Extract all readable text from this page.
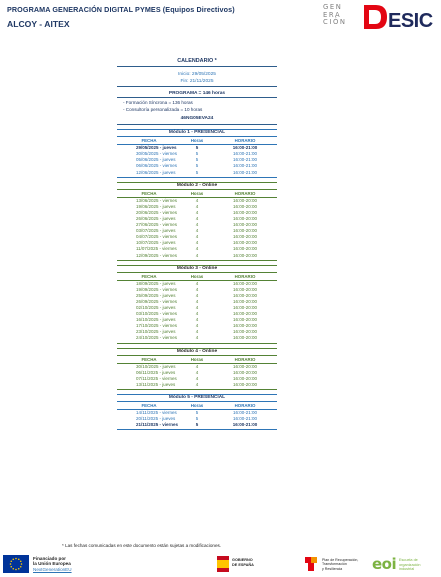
PROGRAMA GENERACIÓN DIGITAL PYMES (Equipos Directivos)
ALCOY - AITEX
GEN
ERA
CIÓN ESIC
CALENDARIO *
Inicio: 29/05/2025
Fin: 21/11/2025
PROGRAMA = 146 horas
- Formación Síncrona = 136 horas
- Consultoría personalizada = 10 horas
46NG05EVA24
Módulo 1 - PRESENCIAL
FECHA	Horas	HORARIO
29/05/2025 - jueves	5	16:00-21:00
30/05/2025 - viernes	5	16:00-21:00
05/06/2025 - jueves	5	16:00-21:00
06/06/2025 - viernes	5	16:00-21:00
12/06/2025 - jueves	5	16:00-21:00
Módulo 2 - Online
FECHA	Horas	HORARIO
13/06/2025 - viernes	4	16:00-20:00
19/06/2025 - jueves	4	16:00-20:00
20/06/2025 - viernes	4	16:00-20:00
26/06/2025 - jueves	4	16:00-20:00
27/06/2025 - viernes	4	16:00-20:00
03/07/2025 - jueves	4	16:00-20:00
04/07/2025 - viernes	4	16:00-20:00
10/07/2025 - jueves	4	16:00-20:00
11/07/2025 - viernes	4	16:00-20:00
12/09/2025 - viernes	4	16:00-20:00
Módulo 3 - Online
FECHA	Horas	HORARIO
18/09/2025 - jueves	4	16:00-20:00
19/09/2025 - viernes	4	16:00-20:00
25/09/2025 - jueves	4	16:00-20:00
26/09/2025 - viernes	4	16:00-20:00
02/10/2025 - jueves	4	16:00-20:00
03/10/2025 - viernes	4	16:00-20:00
16/10/2025 - jueves	4	16:00-20:00
17/10/2025 - viernes	4	16:00-20:00
23/10/2025 - jueves	4	16:00-20:00
24/10/2025 - viernes	4	16:00-20:00
Módulo 4 - Online
FECHA	Horas	HORARIO
30/10/2025 - jueves	4	16:00-20:00
06/11/2025 - jueves	4	16:00-20:00
07/11/2025 - viernes	4	16:00-20:00
13/11/2025 - jueves	4	16:00-20:00
Módulo 5 - PRESENCIAL
FECHA	Horas	HORARIO
14/11/2025 - viernes	5	16:00-21:00
20/11/2025 - jueves	5	16:00-21:00
21/11/2025 - viernes	5	16:00-21:00
* Las fechas comunicadas en este documento están sujetas a modificaciones.
Financiado por
la Unión Europea
NextGenerationEU
GOBIERNO
DE ESPAÑA
Plan de Recuperación,
Transformación
y Resiliencia	eoi Escuela de
organización
industrial
